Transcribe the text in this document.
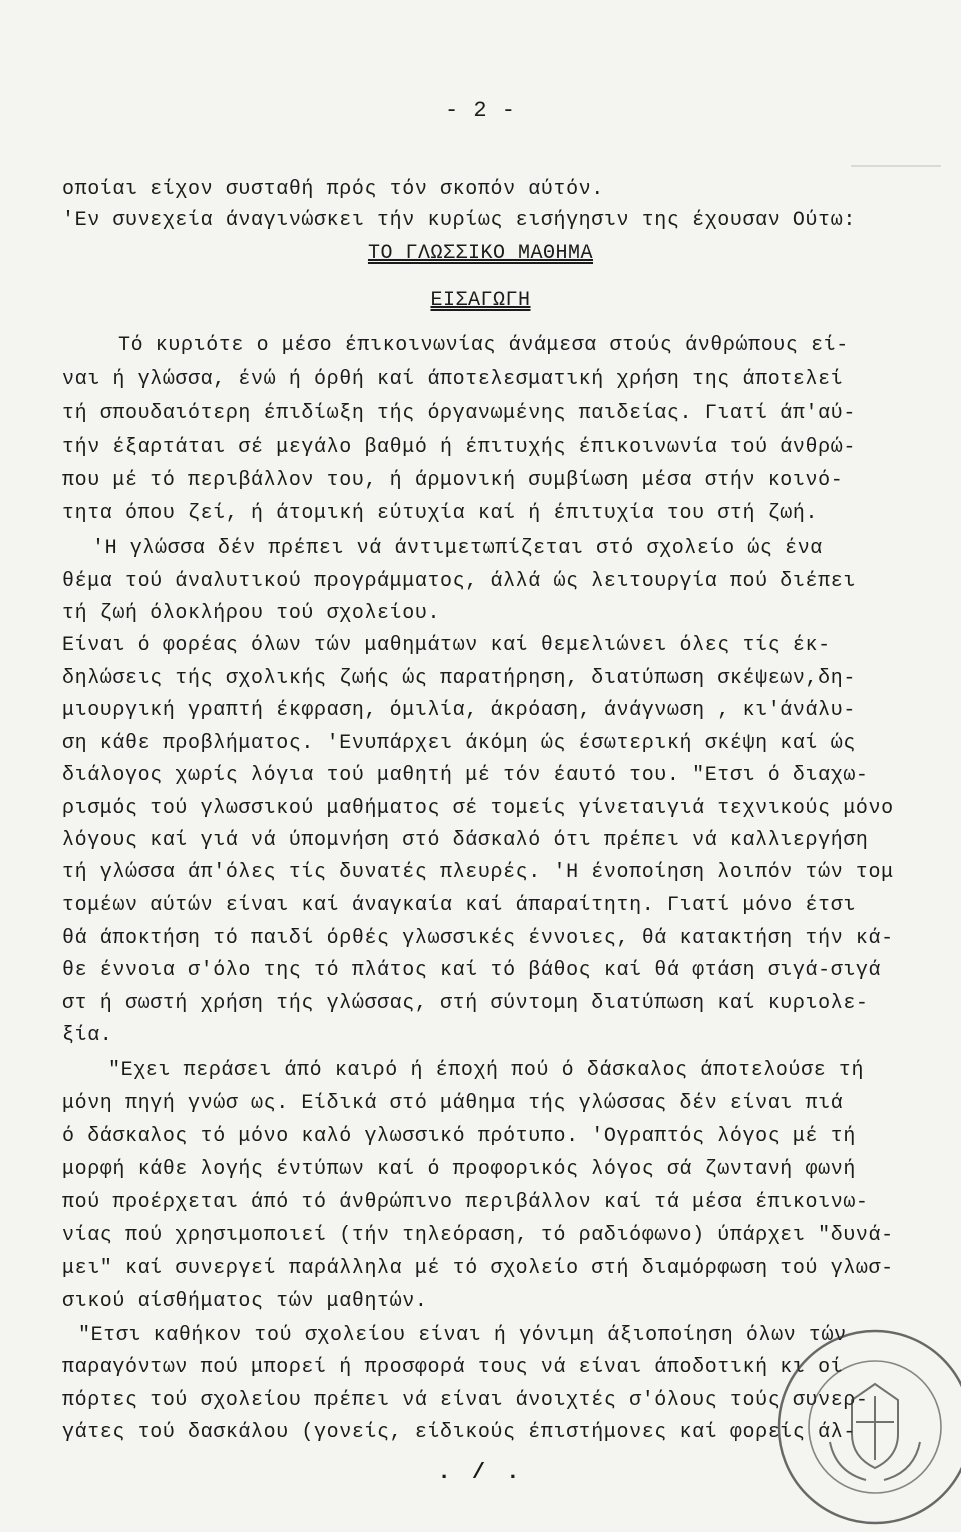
- 2 -
οποίαι είχον συσταθή πρός τόν σκοπόν αύτόν.
'Εν συνεχεία άναγινώσκει τήν κυρίως εισήγησιν της έχουσαν Ούτω:
ΤΟ ΓΛΩΣΣΙΚΟ ΜΑΘΗΜΑ
ΕΙΣΑΓΩΓΗ
Τό κυριότε ο μέσο έπικοινωνίας άνάμεσα στούς άνθρώπους εί-
ναι ή γλώσσα, ένώ ή όρθή καί άποτελεσματική χρήση της άποτελεί
τή σπουδαιότερη έπιδίωξη τής όργανωμένης παιδείας. Γιατί άπ'αύ-
τήν έξαρτάται σέ μεγάλο βαθμό ή έπιτυχής έπικοινωνία τού άνθρώ-
που μέ τό περιβάλλον του, ή άρμονική συμβίωση μέσα στήν κοινό-
τητα όπου ζεί, ή άτομική εύτυχία καί ή έπιτυχία του στή ζωή.
'Η γλώσσα δέν πρέπει νά άντιμετωπίζεται στό σχολείο ώς ένα
θέμα τού άναλυτικού προγράμματος, άλλά ώς λειτουργία πού διέπει
τή ζωή όλοκλήρου τού σχολείου.
Είναι ό φορέας όλων τών μαθημάτων καί θεμελιώνει όλες τίς έκ-
δηλώσεις τής σχολικής ζωής ώς παρατήρηση, διατύπωση σκέψεων,δη-
μιουργική γραπτή έκφραση, όμιλία, άκρόαση, άνάγνωση , κι'άνάλυ-
ση κάθε προβλήματος. 'Ενυπάρχει άκόμη ώς έσωτερική σκέψη καί ώς
διάλογος χωρίς λόγια τού μαθητή μέ τόν έαυτό του. "Ετσι ό διαχω-
ρισμός τού γλωσσικού μαθήματος σέ τομείς γίνεταιγιά τεχνικούς μόνο
λόγους καί γιά νά ύπομνήση στό δάσκαλό ότι πρέπει νά καλλιεργήση
τή γλώσσα άπ'όλες τίς δυνατές πλευρές. 'Η ένοποίηση λοιπόν τών τομ
τομέων αύτών είναι καί άναγκαία καί άπαραίτητη. Γιατί μόνο έτσι
θά άποκτήση τό παιδί όρθές γλωσσικές έννοιες, θά κατακτήση τήν κά-
θε έννοια σ'όλο της τό πλάτος καί τό βάθος καί θά φτάση σιγά-σιγά
στ ή σωστή χρήση τής γλώσσας, στή σύντομη διατύπωση καί κυριολε-
ξία.
"Εχει περάσει άπό καιρό ή έποχή πού ό δάσκαλος άποτελούσε τή
μόνη πηγή γνώσ ως. Είδικά στό μάθημα τής γλώσσας δέν είναι πιά
ό δάσκαλος τό μόνο καλό γλωσσικό πρότυπο. 'Ογραπτός λόγος μέ τή
μορφή κάθε λογής έντύπων καί ό προφορικός λόγος σά ζωντανή φωνή
πού προέρχεται άπό τό άνθρώπινο περιβάλλον καί τά μέσα έπικοινω-
νίας πού χρησιμοποιεί (τήν τηλεόραση, τό ραδιόφωνο) ύπάρχει "δυνά-
μει" καί συνεργεί παράλληλα μέ τό σχολείο στή διαμόρφωση τού γλωσ-
σικού αίσθήματος τών μαθητών.
"Ετσι καθήκον τού σχολείου είναι ή γόνιμη άξιοποίηση όλων τών
παραγόντων πού μπορεί ή προσφορά τους νά είναι άποδοτική κι οί
πόρτες τού σχολείου πρέπει νά είναι άνοιχτές σ'όλους τούς συνερ-
γάτες τού δασκάλου (γονείς, είδικούς έπιστήμονες καί φορείς άλ-
. / .
